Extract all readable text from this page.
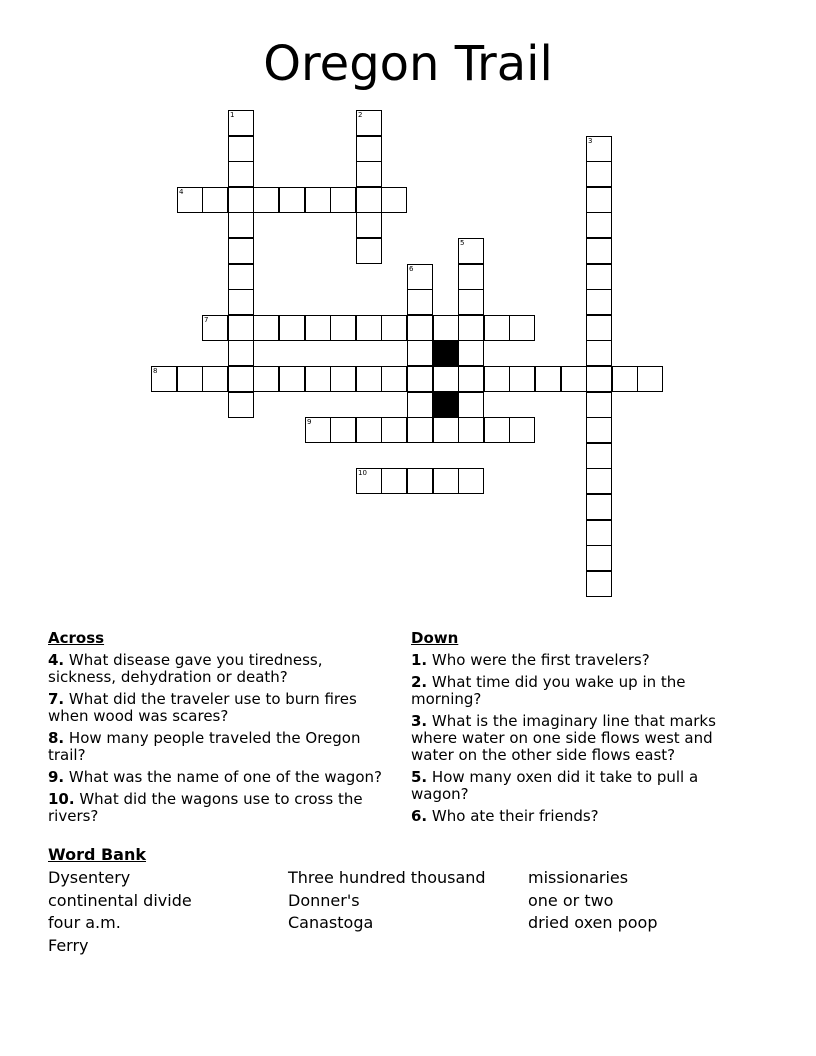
Oregon Trail
1	2
3
4
5
6
7
8
9
10
Across
4. What disease gave you tiredness, sickness, dehydration or death?
7. What did the traveler use to burn fires when wood was scares?
8. How many people traveled the Oregon trail?
9. What was the name of one of the wagon?
10. What did the wagons use to cross the rivers?
Down
1. Who were the first travelers?
2. What time did you wake up in the morning?
3. What is the imaginary line that marks where water on one side flows west and water on the other side flows east?
5. How many oxen did it take to pull a wagon?
6. Who ate their friends?
Word Bank
Dysentery
continental divide
four a.m.
Ferry
Three hundred thousand
Donner's
Canastoga
missionaries
one or two
dried oxen poop
